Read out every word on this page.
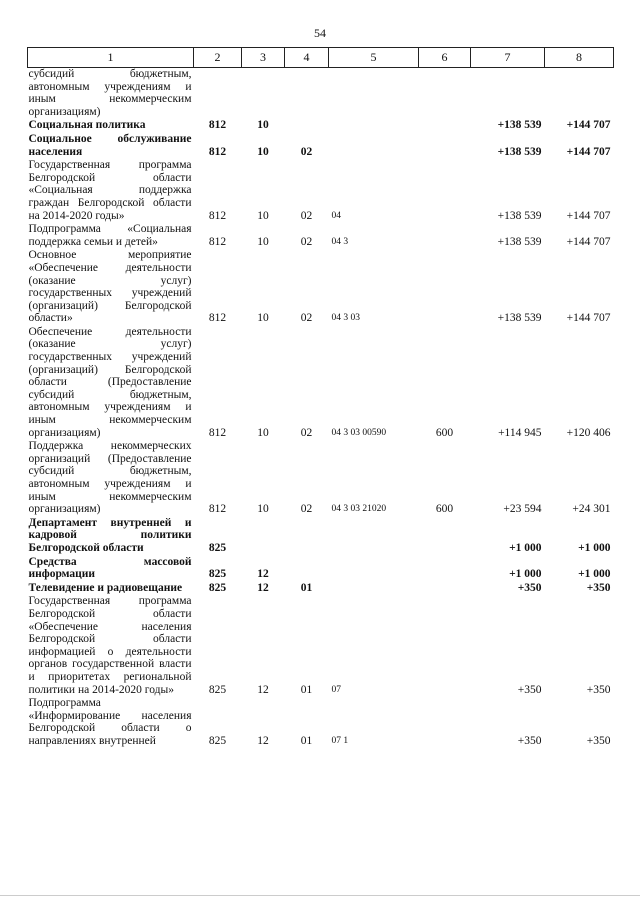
54
1	2	3	4	5	6	7	8
субсидий бюджетным, автономным учреждениям и иным некоммерческим организациям)							
Социальная политика	812	10				+138 539	+144 707
Социальное обслуживание населения	812	10	02			+138 539	+144 707
Государственная программа Белгородской области «Социальная поддержка граждан Белгородской области на 2014-2020 годы»	812	10	02	04		+138 539	+144 707
Подпрограмма «Социальная поддержка семьи и детей»	812	10	02	04 3		+138 539	+144 707
Основное мероприятие «Обеспечение деятельности (оказание услуг) государственных учреждений (организаций) Белгородской области»	812	10	02	04 3 03		+138 539	+144 707
Обеспечение деятельности (оказание услуг) государственных учреждений (организаций) Белгородской области (Предоставление субсидий бюджетным, автономным учреждениям и иным некоммерческим организациям)	812	10	02	04 3 03 00590	600	+114 945	+120 406
Поддержка некоммерческих организаций (Предоставление субсидий бюджетным, автономным учреждениям и иным некоммерческим организациям)	812	10	02	04 3 03 21020	600	+23 594	+24 301
Департамент внутренней и кадровой политики Белгородской области	825					+1 000	+1 000
Средства массовой информации	825	12				+1 000	+1 000
Телевидение и радиовещание	825	12	01			+350	+350
Государственная программа Белгородской области «Обеспечение населения Белгородской области информацией о деятельности органов государственной власти и приоритетах региональной политики на 2014-2020 годы»	825	12	01	07		+350	+350
Подпрограмма «Информирование населения Белгородской области о направлениях внутренней	825	12	01	07 1		+350	+350
